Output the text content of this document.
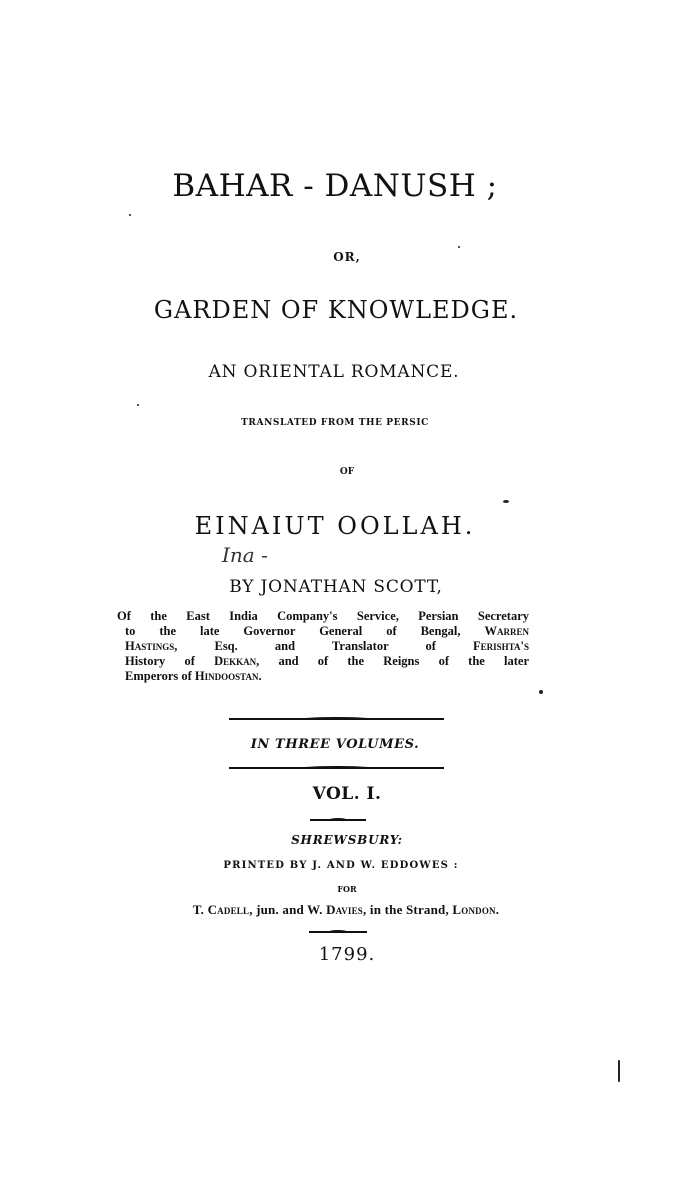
BAHAR - DANUSH ;
OR,
GARDEN OF KNOWLEDGE.
AN ORIENTAL ROMANCE.
TRANSLATED FROM THE PERSIC
OF
EINAIUT OOLLAH.
Ina -
BY JONATHAN SCOTT,
Of the East India Company's Service, Persian Secretary
to the late Governor General of Bengal, Warren
Hastings, Esq. and Translator of	Ferishta's
History of Dekkan, and of the Reigns of the later
Emperors of Hindoostan.
IN THREE VOLUMES.
VOL. I.
SHREWSBURY:
PRINTED BY J. AND W. EDDOWES :
FOR
T. Cadell, jun. and W. Davies, in the Strand, London.
1799.
